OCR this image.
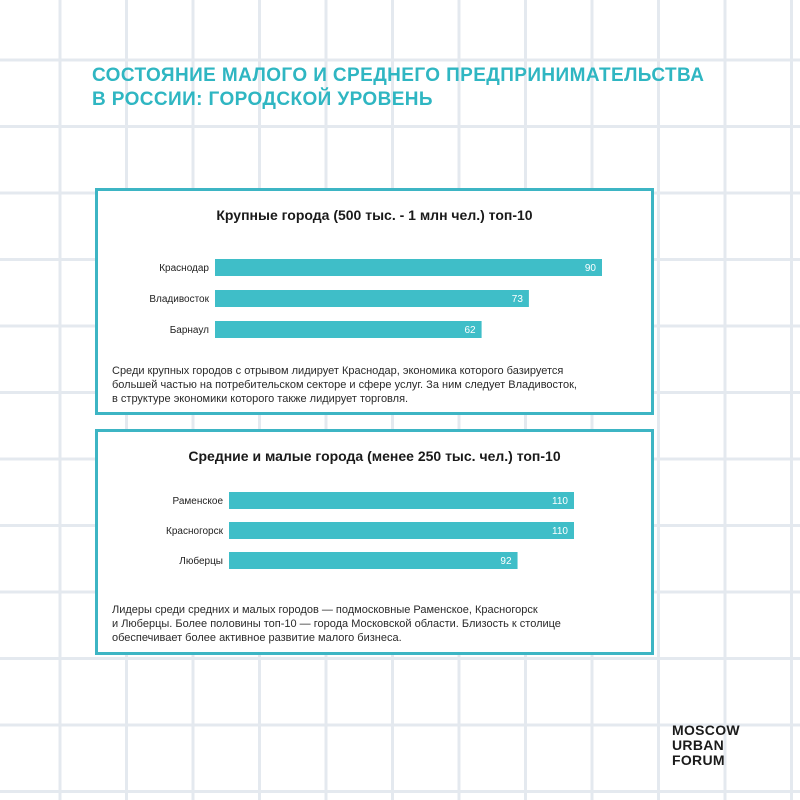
СОСТОЯНИЕ МАЛОГО И СРЕДНЕГО ПРЕДПРИНИМАТЕЛЬСТВА
В РОССИИ: ГОРОДСКОЙ УРОВЕНЬ
Крупные города (500 тыс. - 1 млн чел.) топ-10
Краснодар	90
Владивосток	73
Барнаул	62
Среди крупных городов с отрывом лидирует Краснодар, экономика которого базируется
большей частью на потребительском секторе и сфере услуг. За ним следует Владивосток,
в структуре экономики которого также лидирует торговля.
Средние и малые города (менее 250 тыс. чел.) топ-10
Раменское	110
Красногорск	110
Люберцы	92
Лидеры среди средних и малых городов — подмосковные Раменское, Красногорск
и Люберцы. Более половины топ-10 — города Московской области. Близость к столице
обеспечивает более активное развитие малого бизнеса.
MOSCOW
URBAN
FORUM
